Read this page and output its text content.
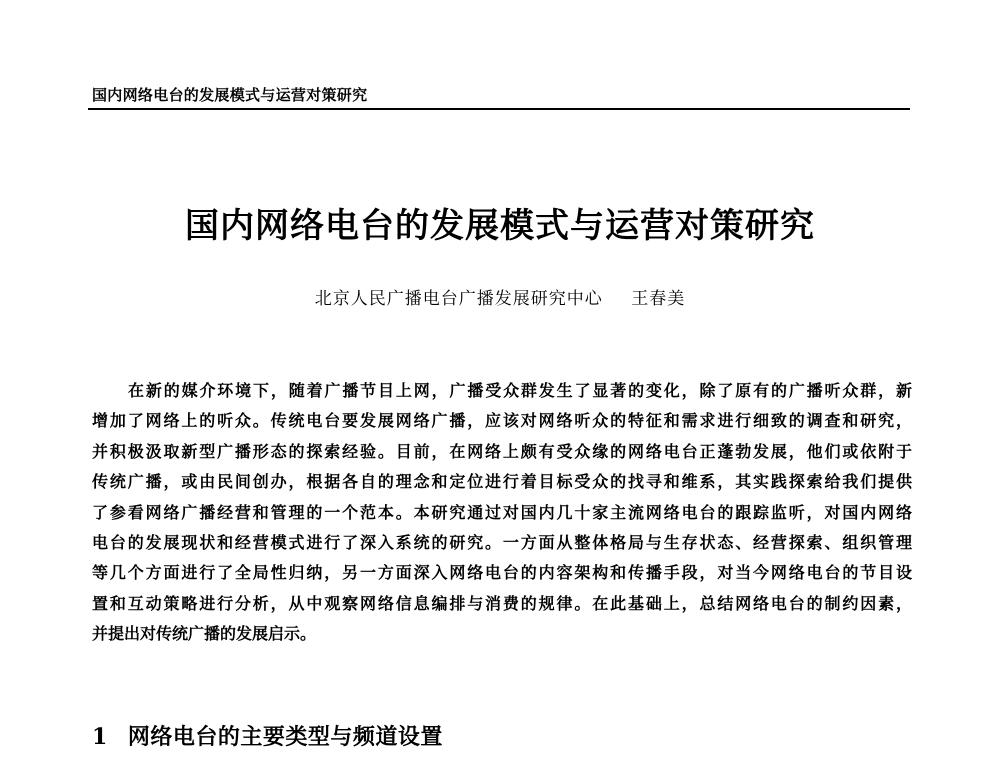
国内网络电台的发展模式与运营对策研究
国内网络电台的发展模式与运营对策研究
北京人民广播电台广播发展研究中心 王春美
在新的媒介环境下，随着广播节目上网，广播受众群发生了显著的变化，除了原有的广播听众群，新
增加了网络上的听众。传统电台要发展网络广播，应该对网络听众的特征和需求进行细致的调查和研究，
并积极汲取新型广播形态的探索经验。目前，在网络上颇有受众缘的网络电台正蓬勃发展，他们或依附于
传统广播，或由民间创办，根据各自的理念和定位进行着目标受众的找寻和维系，其实践探索给我们提供
了参看网络广播经营和管理的一个范本。本研究通过对国内几十家主流网络电台的跟踪监听，对国内网络
电台的发展现状和经营模式进行了深入系统的研究。一方面从整体格局与生存状态、经营探索、组织管理
等几个方面进行了全局性归纳，另一方面深入网络电台的内容架构和传播手段，对当今网络电台的节目设
置和互动策略进行分析，从中观察网络信息编排与消费的规律。在此基础上，总结网络电台的制约因素，
并提出对传统广播的发展启示。
1 网络电台的主要类型与频道设置
